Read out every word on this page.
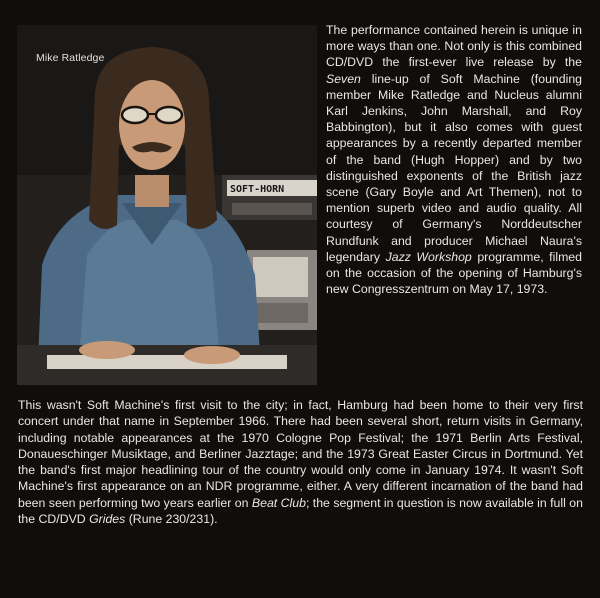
SOFT-HORN
Mike Ratledge

The performance contained herein is unique in more ways than one. Not only is this combined CD/DVD the first-ever live release by the Seven line-up of Soft Machine (founding member Mike Ratledge and Nucleus alumni Karl Jenkins, John Marshall, and Roy Babbington), but it also comes with guest appearances by a recently departed member of the band (Hugh Hopper) and by two distinguished exponents of the British jazz scene (Gary Boyle and Art Themen), not to mention superb video and audio quality. All courtesy of Germany's Norddeutscher Rundfunk and producer Michael Naura's legendary Jazz Workshop programme, filmed on the occasion of the opening of Hamburg's new Congresszentrum on May 17, 1973.

This wasn't Soft Machine's first visit to the city; in fact, Hamburg had been home to their very first concert under that name in September 1966. There had been several short, return visits in Germany, including notable appearances at the 1970 Cologne Pop Festival; the 1971 Berlin Arts Festival, Donaueschinger Musiktage, and Berliner Jazztage; and the 1973 Great Easter Circus in Dortmund. Yet the band's first major headlining tour of the country would only come in January 1974. It wasn't Soft Machine's first appearance on an NDR programme, either. A very different incarnation of the band had been seen performing two years earlier on Beat Club; the segment in question is now available in full on the CD/DVD Grides (Rune 230/231).
